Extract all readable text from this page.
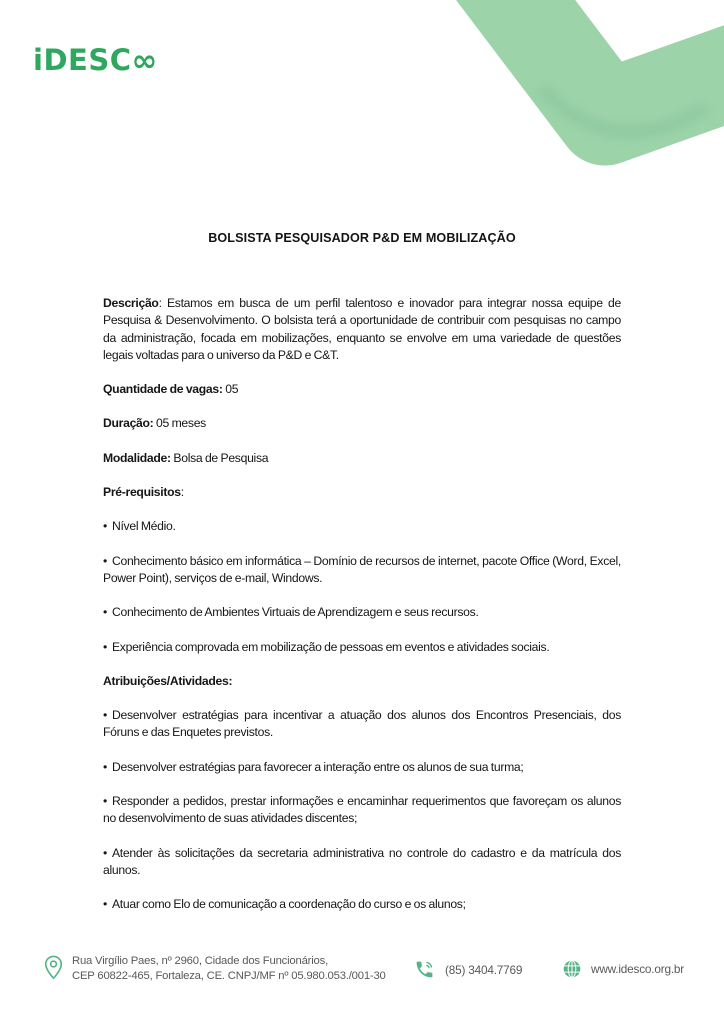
iDESC∞
BOLSISTA PESQUISADOR P&D EM MOBILIZAÇÃO

Descrição: Estamos em busca de um perfil talentoso e inovador para integrar nossa equipe de Pesquisa & Desenvolvimento. O bolsista terá a oportunidade de contribuir com pesquisas no campo da administração, focada em mobilizações, enquanto se envolve em uma variedade de questões legais voltadas para o universo da P&D e C&T.

Quantidade de vagas: 05

Duração: 05 meses

Modalidade: Bolsa de Pesquisa

Pré-requisitos:

• Nível Médio.

• Conhecimento básico em informática – Domínio de recursos de internet, pacote Office (Word, Excel, Power Point), serviços de e-mail, Windows.

• Conhecimento de Ambientes Virtuais de Aprendizagem e seus recursos.

• Experiência comprovada em mobilização de pessoas em eventos e atividades sociais.

Atribuições/Atividades:

• Desenvolver estratégias para incentivar a atuação dos alunos dos Encontros Presenciais, dos Fóruns e das Enquetes previstos.

• Desenvolver estratégias para favorecer a interação entre os alunos de sua turma;

• Responder a pedidos, prestar informações e encaminhar requerimentos que favoreçam os alunos no desenvolvimento de suas atividades discentes;

• Atender às solicitações da secretaria administrativa no controle do cadastro e da matrícula dos alunos.

• Atuar como Elo de comunicação a coordenação do curso e os alunos;

Rua Virgílio Paes, nº 2960, Cidade dos Funcionários,
CEP 60822-465, Fortaleza, CE. CNPJ/MF nº 05.980.053./001-30	(85) 3404.7769	www.idesco.org.br
